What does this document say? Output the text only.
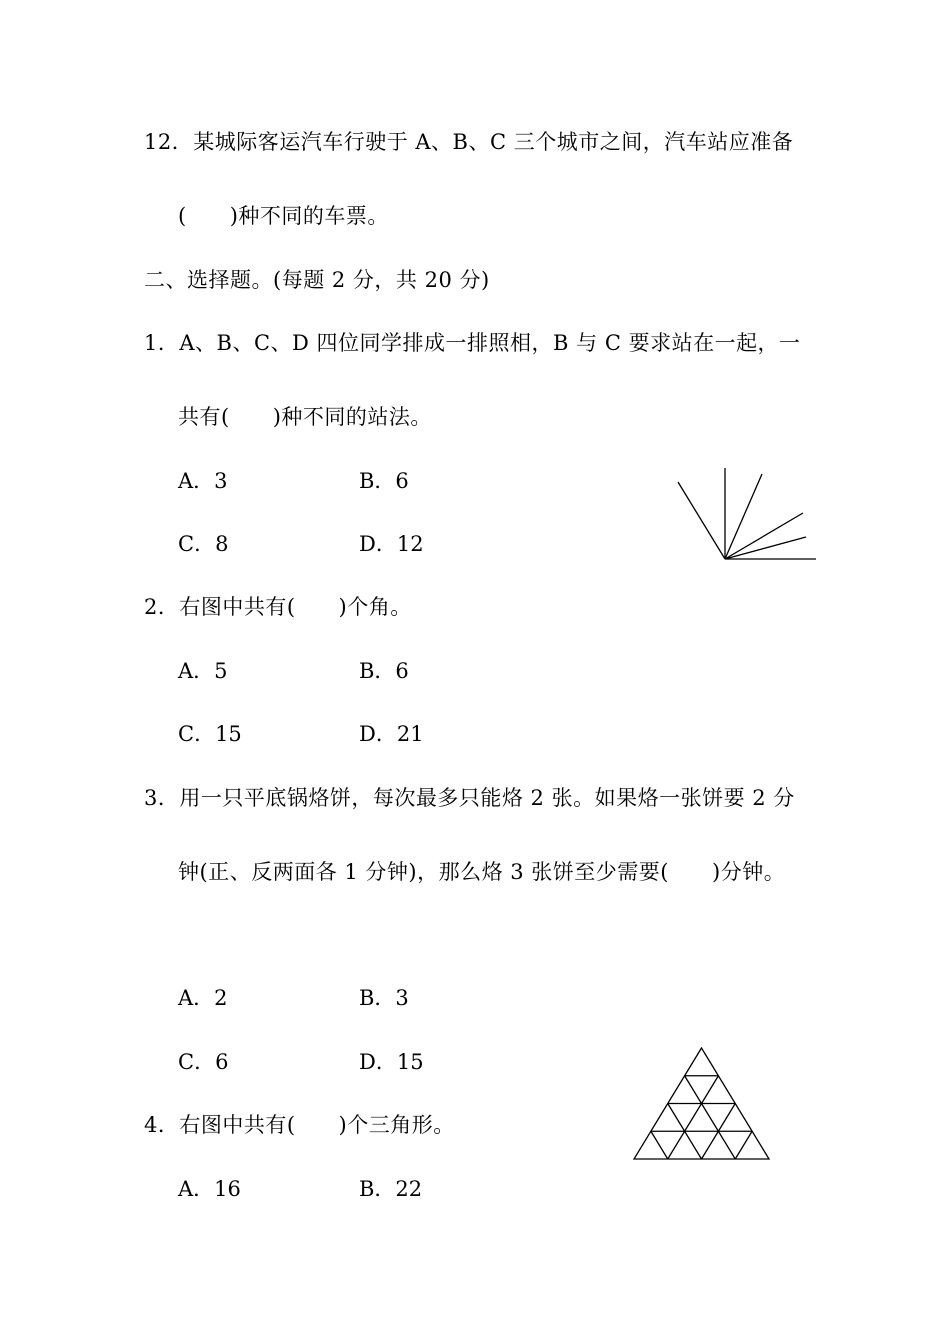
12．某城际客运汽车行驶于 A、B、C 三个城市之间，汽车站应准备
(　　)种不同的车票。
二、选择题。(每题 2 分，共 20 分)
1．A、B、C、D 四位同学排成一排照相，B 与 C 要求站在一起，一
共有(　　)种不同的站法。
A．3	B．6
C．8	D．12
2．右图中共有(　　)个角。
A．5	B．6
C．15	D．21
3．用一只平底锅烙饼，每次最多只能烙 2 张。如果烙一张饼要 2 分
钟(正、反两面各 1 分钟)，那么烙 3 张饼至少需要(　　)分钟。
A．2	B．3
C．6	D．15
4．右图中共有(　　)个三角形。
A．16	B．22
